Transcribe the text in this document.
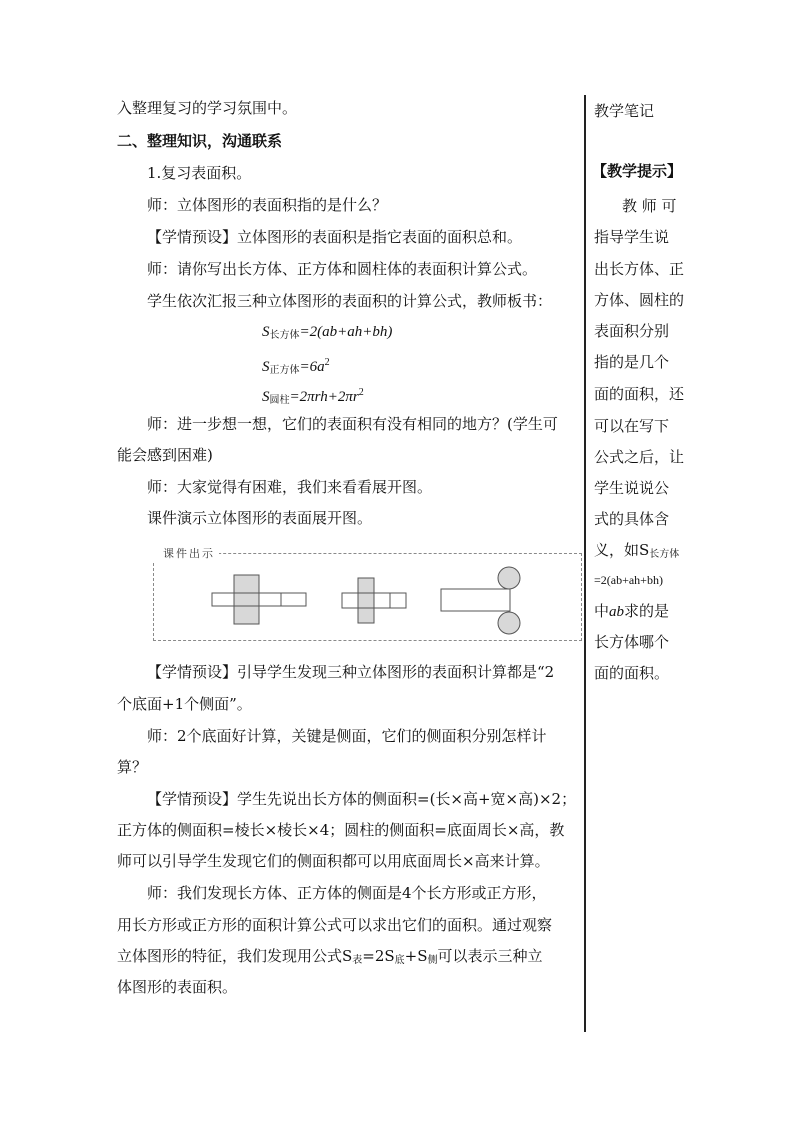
入整理复习的学习氛围中。
二、整理知识，沟通联系
1.复习表面积。
师：立体图形的表面积指的是什么？
【学情预设】立体图形的表面积是指它表面的面积总和。
师：请你写出长方体、正方体和圆柱体的表面积计算公式。
学生依次汇报三种立体图形的表面积的计算公式，教师板书：
$S_{长方体}=2(ab+ah+bh)$
$S_{正方体}=6a^2$
$S_{圆柱}=2\pi rh+2\pi r^2$
师：进一步想一想，它们的表面积有没有相同的地方？(学生可
能会感到困难)
师：大家觉得有困难，我们来看看展开图。
课件演示立体图形的表面展开图。
【学情预设】引导学生发现三种立体图形的表面积计算都是“2
个底面+1个侧面”。
师：2个底面好计算，关键是侧面，它们的侧面积分别怎样计
算？
【学情预设】学生先说出长方体的侧面积=(长×高+宽×高)×2；
正方体的侧面积=棱长×棱长×4；圆柱的侧面积=底面周长×高，教
师可以引导学生发现它们的侧面积都可以用底面周长×高来计算。
师：我们发现长方体、正方体的侧面是4个长方形或正方形，
用长方形或正方形的面积计算公式可以求出它们的面积。通过观察
立体图形的特征，我们发现用公式$S_表=2S_底+S_侧$可以表示三种立
体图形的表面积。
课件出示
教学笔记
【教学提示】
教 师 可
指导学生说
出长方体、正
方体、圆柱的
表面积分别
指的是几个
面的面积，还
可以在写下
公式之后，让
学生说说公
式的具体含
义，如$S_{长方体}$
=2(ab+ah+bh)
中ab求的是
长方体哪个
面的面积。
